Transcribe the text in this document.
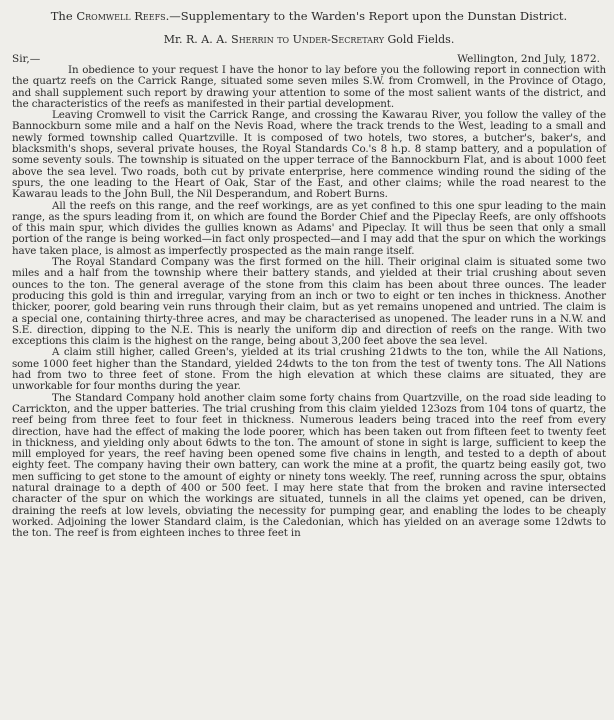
The Cromwell Reefs.—Supplementary to the Warden's Report upon the Dunstan District.
Mr. R. A. A. Sherrin to Under-Secretary Gold Fields.
Sir,—	Wellington, 2nd July, 1872.

In obedience to your request I have the honor to lay before you the following report in connection with the quartz reefs on the Carrick Range, situated some seven miles S.W. from Cromwell, in the Province of Otago, and shall supplement such report by drawing your attention to some of the most salient wants of the district, and the characteristics of the reefs as manifested in their partial development.

Leaving Cromwell to visit the Carrick Range, and crossing the Kawarau River, you follow the valley of the Bannockburn some mile and a half on the Nevis Road, where the track trends to the West, leading to a small and newly formed township called Quartzville. It is composed of two hotels, two stores, a butcher's, baker's, and blacksmith's shops, several private houses, the Royal Standards Co.'s 8 h.p. 8 stamp battery, and a population of some seventy souls. The township is situated on the upper terrace of the Bannockburn Flat, and is about 1000 feet above the sea level. Two roads, both cut by private enterprise, here commence winding round the siding of the spurs, the one leading to the Heart of Oak, Star of the East, and other claims; while the road nearest to the Kawarau leads to the John Bull, the Nil Desperandum, and Robert Burns.

All the reefs on this range, and the reef workings, are as yet confined to this one spur leading to the main range, as the spurs leading from it, on which are found the Border Chief and the Pipeclay Reefs, are only offshoots of this main spur, which divides the gullies known as Adams' and Pipeclay. It will thus be seen that only a small portion of the range is being worked—in fact only prospected—and I may add that the spur on which the workings have taken place, is almost as imperfectly prospected as the main range itself.

The Royal Standard Company was the first formed on the hill. Their original claim is situated some two miles and a half from the township where their battery stands, and yielded at their trial crushing about seven ounces to the ton. The general average of the stone from this claim has been about three ounces. The leader producing this gold is thin and irregular, varying from an inch or two to eight or ten inches in thickness. Another thicker, poorer, gold bearing vein runs through their claim, but as yet remains unopened and untried. The claim is a special one, containing thirty-three acres, and may be characterised as unopened. The leader runs in a N.W. and S.E. direction, dipping to the N.E. This is nearly the uniform dip and direction of reefs on the range. With two exceptions this claim is the highest on the range, being about 3,200 feet above the sea level.

A claim still higher, called Green's, yielded at its trial crushing 21dwts to the ton, while the All Nations, some 1000 feet higher than the Standard, yielded 24dwts to the ton from the test of twenty tons. The All Nations had from two to three feet of stone. From the high elevation at which these claims are situated, they are unworkable for four months during the year.

The Standard Company hold another claim some forty chains from Quartzville, on the road side leading to Carrickton, and the upper batteries. The trial crushing from this claim yielded 123ozs from 104 tons of quartz, the reef being from three feet to four feet in thickness. Numerous leaders being traced into the reef from every direction, have had the effect of making the lode poorer, which has been taken out from fifteen feet to twenty feet in thickness, and yielding only about 6dwts to the ton. The amount of stone in sight is large, sufficient to keep the mill employed for years, the reef having been opened some five chains in length, and tested to a depth of about eighty feet. The company having their own battery, can work the mine at a profit, the quartz being easily got, two men sufficing to get stone to the amount of eighty or ninety tons weekly. The reef, running across the spur, obtains natural drainage to a depth of 400 or 500 feet. I may here state that from the broken and ravine intersected character of the spur on which the workings are situated, tunnels in all the claims yet opened, can be driven, draining the reefs at low levels, obviating the necessity for pumping gear, and enabling the lodes to be cheaply worked. Adjoining the lower Standard claim, is the Caledonian, which has yielded on an average some 12dwts to the ton. The reef is from eighteen inches to three feet in
